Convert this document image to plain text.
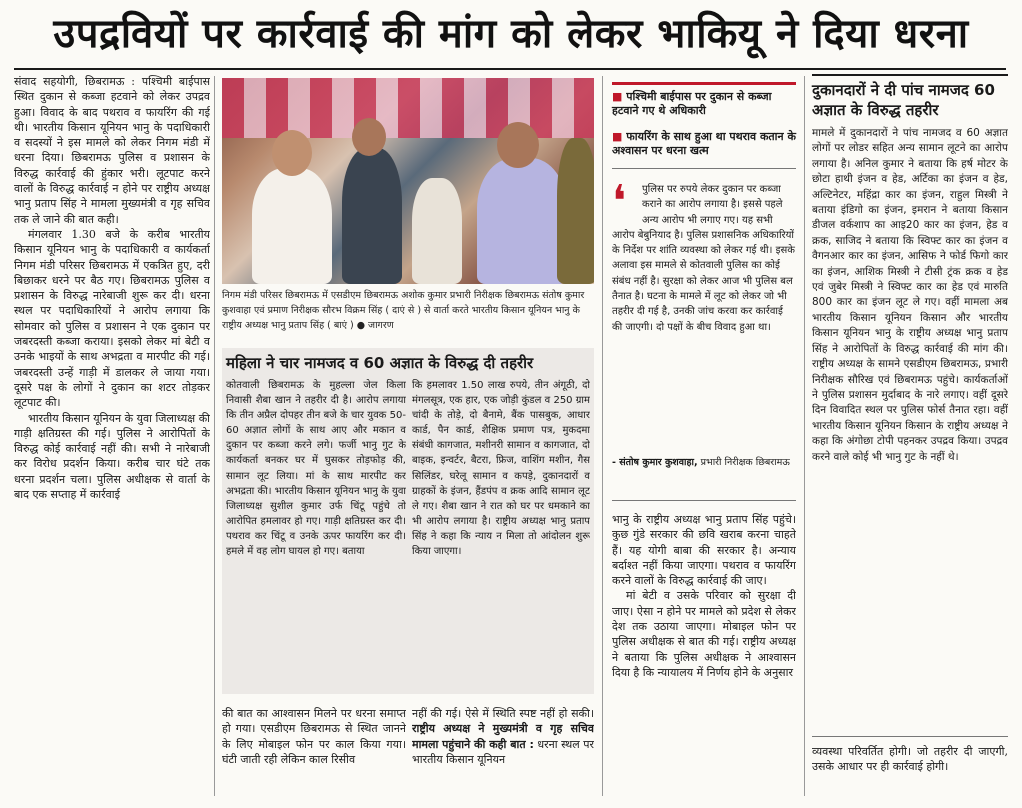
उपद्रवियों पर कार्रवाई की मांग को लेकर भाकियू ने दिया धरना

संवाद सहयोगी, छिबरामऊ : पश्चिमी बाईपास स्थित दुकान से कब्जा हटवाने को लेकर उपद्रव हुआ। विवाद के बाद पथराव व फायरिंग की गई थी। भारतीय किसान यूनियन भानु के पदाधिकारी व सदस्यों ने इस मामले को लेकर निगम मंडी में धरना दिया। छिबरामऊ पुलिस व प्रशासन के विरुद्ध कार्रवाई की हुंकार भरी। लूटपाट करने वालों के विरुद्ध कार्रवाई न होने पर राष्ट्रीय अध्यक्ष भानु प्रताप सिंह ने मामला मुख्यमंत्री व गृह सचिव तक ले जाने की बात कही।

मंगलवार 1.30 बजे के करीब भारतीय किसान यूनियन भानु के पदाधिकारी व कार्यकर्ता निगम मंडी परिसर छिबरामऊ में एकत्रित हुए, दरी बिछाकर धरने पर बैठ गए। छिबरामऊ पुलिस व प्रशासन के विरुद्ध नारेबाजी शुरू कर दी। धरना स्थल पर पदाधिकारियों ने आरोप लगाया कि सोमवार को पुलिस व प्रशासन ने एक दुकान पर जबरदस्ती कब्जा कराया। इसको लेकर मां बेटी व उनके भाइयों के साथ अभद्रता व मारपीट की गई। जबरदस्ती उन्हें गाड़ी में डालकर ले जाया गया। दूसरे पक्ष के लोगों ने दुकान का शटर तोड़कर लूटपाट की।

भारतीय किसान यूनियन के युवा जिलाध्यक्ष की गाड़ी क्षतिग्रस्त की गई। पुलिस ने आरोपितों के विरुद्ध कोई कार्रवाई नहीं की। सभी ने नारेबाजी कर विरोध प्रदर्शन किया। करीब चार घंटे तक धरना प्रदर्शन चला। पुलिस अधीक्षक से वार्ता के बाद एक सप्ताह में कार्रवाई

निगम मंडी परिसर छिबरामऊ में एसडीएम छिबरामऊ अशोक कुमार प्रभारी निरीक्षक छिबरामऊ संतोष कुमार कुशवाहा एवं प्रमाण निरीक्षक सौरभ विक्रम सिंह ( दाएं से ) से वार्ता करते भारतीय किसान यूनियन भानु के राष्ट्रीय अध्यक्ष भानु प्रताप सिंह ( बाएं ) ● जागरण
महिला ने चार नामजद व 60 अज्ञात के विरुद्ध दी तहरीर
कोतवाली छिबरामऊ के मुहल्ला जेल किला निवासी शैबा खान ने तहरीर दी है। आरोप लगाया कि तीन अप्रैल दोपहर तीन बजे के चार युवक 50-60 अज्ञात लोगों के साथ आए और मकान व दुकान पर कब्जा करने लगे। फर्जी भानु गुट के कार्यकर्ता बनकर घर में घुसकर तोड़फोड़ की, सामान लूट लिया। मां के साथ मारपीट कर अभद्रता की। भारतीय किसान यूनियन भानु के युवा जिलाध्यक्ष सुशील कुमार उर्फ चिंटू पहुंचे तो आरोपित हमलावर हो गए। गाड़ी क्षतिग्रस्त कर दी। पथराव कर चिंटू व उनके ऊपर फायरिंग कर दी। हमले में वह लोग घायल हो गए। बताया
कि हमलावर 1.50 लाख रुपये, तीन अंगूठी, दो मंगलसूत्र, एक हार, एक जोड़ी कुंडल व 250 ग्राम चांदी के तोड़े, दो बैनामे, बैंक पासबुक, आधार कार्ड, पैन कार्ड, शैक्षिक प्रमाण पत्र, मुकदमा संबंधी कागजात, मशीनरी सामान व कागजात, दो बाइक, इन्वर्टर, बैटरा, फ्रिज, वाशिंग मशीन, गैस सिलिंडर, घरेलू सामान व कपड़े, दुकानदारों व ग्राहकों के इंजन, हैंडपंप व क्रक आदि सामान लूट ले गए। शैबा खान ने रात को घर पर धमकाने का भी आरोप लगाया है। राष्ट्रीय अध्यक्ष भानु प्रताप सिंह ने कहा कि न्याय न मिला तो आंदोलन शुरू किया जाएगा।
की बात का आश्वासन मिलने पर धरना समाप्त हो गया। एसडीएम छिबरामऊ से स्थित जानने के लिए मोबाइल फोन पर काल किया गया। घंटी जाती रही लेकिन काल रिसीव
नहीं की गई। ऐसे में स्थिति स्पष्ट नहीं हो सकी। राष्ट्रीय अध्यक्ष ने मुख्यमंत्री व गृह सचिव मामला पहुंचाने की कही बात : धरना स्थल पर भारतीय किसान यूनियन
■ पश्चिमी बाईपास पर दुकान से कब्जा हटवाने गए थे अधिकारी
■ फायरिंग के साथ हुआ था पथराव कतान के अश्वासन पर धरना खत्म
❛	पुलिस पर रुपये लेकर दुकान पर कब्जा कराने का आरोप लगाया है। इससे पहले अन्य आरोप भी लगाए गए। यह सभी आरोप बेबुनियाद है। पुलिस प्रशासनिक अधिकारियों के निर्देश पर शांति व्यवस्था को लेकर गई थी। इसके अलावा इस मामले से कोतवाली पुलिस का कोई संबंध नहीं है। सुरक्षा को लेकर आज भी पुलिस बल तैनात है। घटना के मामले में लूट को लेकर जो भी तहरीर दी गई है, उनकी जांच करवा कर कार्रवाई की जाएगी। दो पक्षों के बीच विवाद हुआ था।
- संतोष कुमार कुशवाहा, प्रभारी निरीक्षक छिबरामऊ

भानु के राष्ट्रीय अध्यक्ष भानु प्रताप सिंह पहुंचे। कुछ गुंडे सरकार की छवि खराब करना चाहते हैं। यह योगी बाबा की सरकार है। अन्याय बर्दाश्त नहीं किया जाएगा। पथराव व फायरिंग करने वालों के विरुद्ध कार्रवाई की जाए।

मां बेटी व उसके परिवार को सुरक्षा दी जाए। ऐसा न होने पर मामले को प्रदेश से लेकर देश तक उठाया जाएगा। मोबाइल फोन पर पुलिस अधीक्षक से बात की गई। राष्ट्रीय अध्यक्ष ने बताया कि पुलिस अधीक्षक ने आश्वासन दिया है कि न्यायालय में निर्णय होने के अनुसार

दुकानदारों ने दी पांच नामजद 60 अज्ञात के विरुद्ध तहरीर
मामले में दुकानदारों ने पांच नामजद व 60 अज्ञात लोगों पर लोडर सहित अन्य सामान लूटने का आरोप लगाया है। अनिल कुमार ने बताया कि हर्ष मोटर के छोटा हाथी इंजन व हेड, अर्टिका का इंजन व हेड, अल्टिनेटर, महिंद्रा कार का इंजन, राहुल मिस्त्री ने बताया इंडिगो का इंजन, इमरान ने बताया किसान डीजल वर्कशाप का आइ20 कार का इंजन, हेड व क्रक, साजिद ने बताया कि स्विफ्ट कार का इंजन व वैगनआर कार का इंजन, आसिफ ने फोर्ड फिगो कार का इंजन, आशिक मिस्त्री ने टीसी ट्रंक क्रक व हेड एवं जुबेर मिस्त्री ने स्विफ्ट कार का हेड एवं मारुति 800 कार का इंजन लूट ले गए। वहीं मामला अब भारतीय किसान यूनियन किसान और भारतीय किसान यूनियन भानु के राष्ट्रीय अध्यक्ष भानु प्रताप सिंह ने आरोपितों के विरुद्ध कार्रवाई की मांग की। राष्ट्रीय अध्यक्ष के सामने एसडीएम छिबरामऊ, प्रभारी निरीक्षक सौरिख एवं छिबरामऊ पहुंचे। कार्यकर्ताओं ने पुलिस प्रशासन मुर्दाबाद के नारे लगाए। वहीं दूसरे दिन विवादित स्थल पर पुलिस फोर्स तैनात रहा। वहीं भारतीय किसान यूनियन किसान के राष्ट्रीय अध्यक्ष ने कहा कि अंगोछा टोपी पहनकर उपद्रव किया। उपद्रव करने वाले कोई भी भानु गुट के नहीं थे।
व्यवस्था परिवर्तित होगी। जो तहरीर दी जाएगी, उसके आधार पर ही कार्रवाई होगी।
